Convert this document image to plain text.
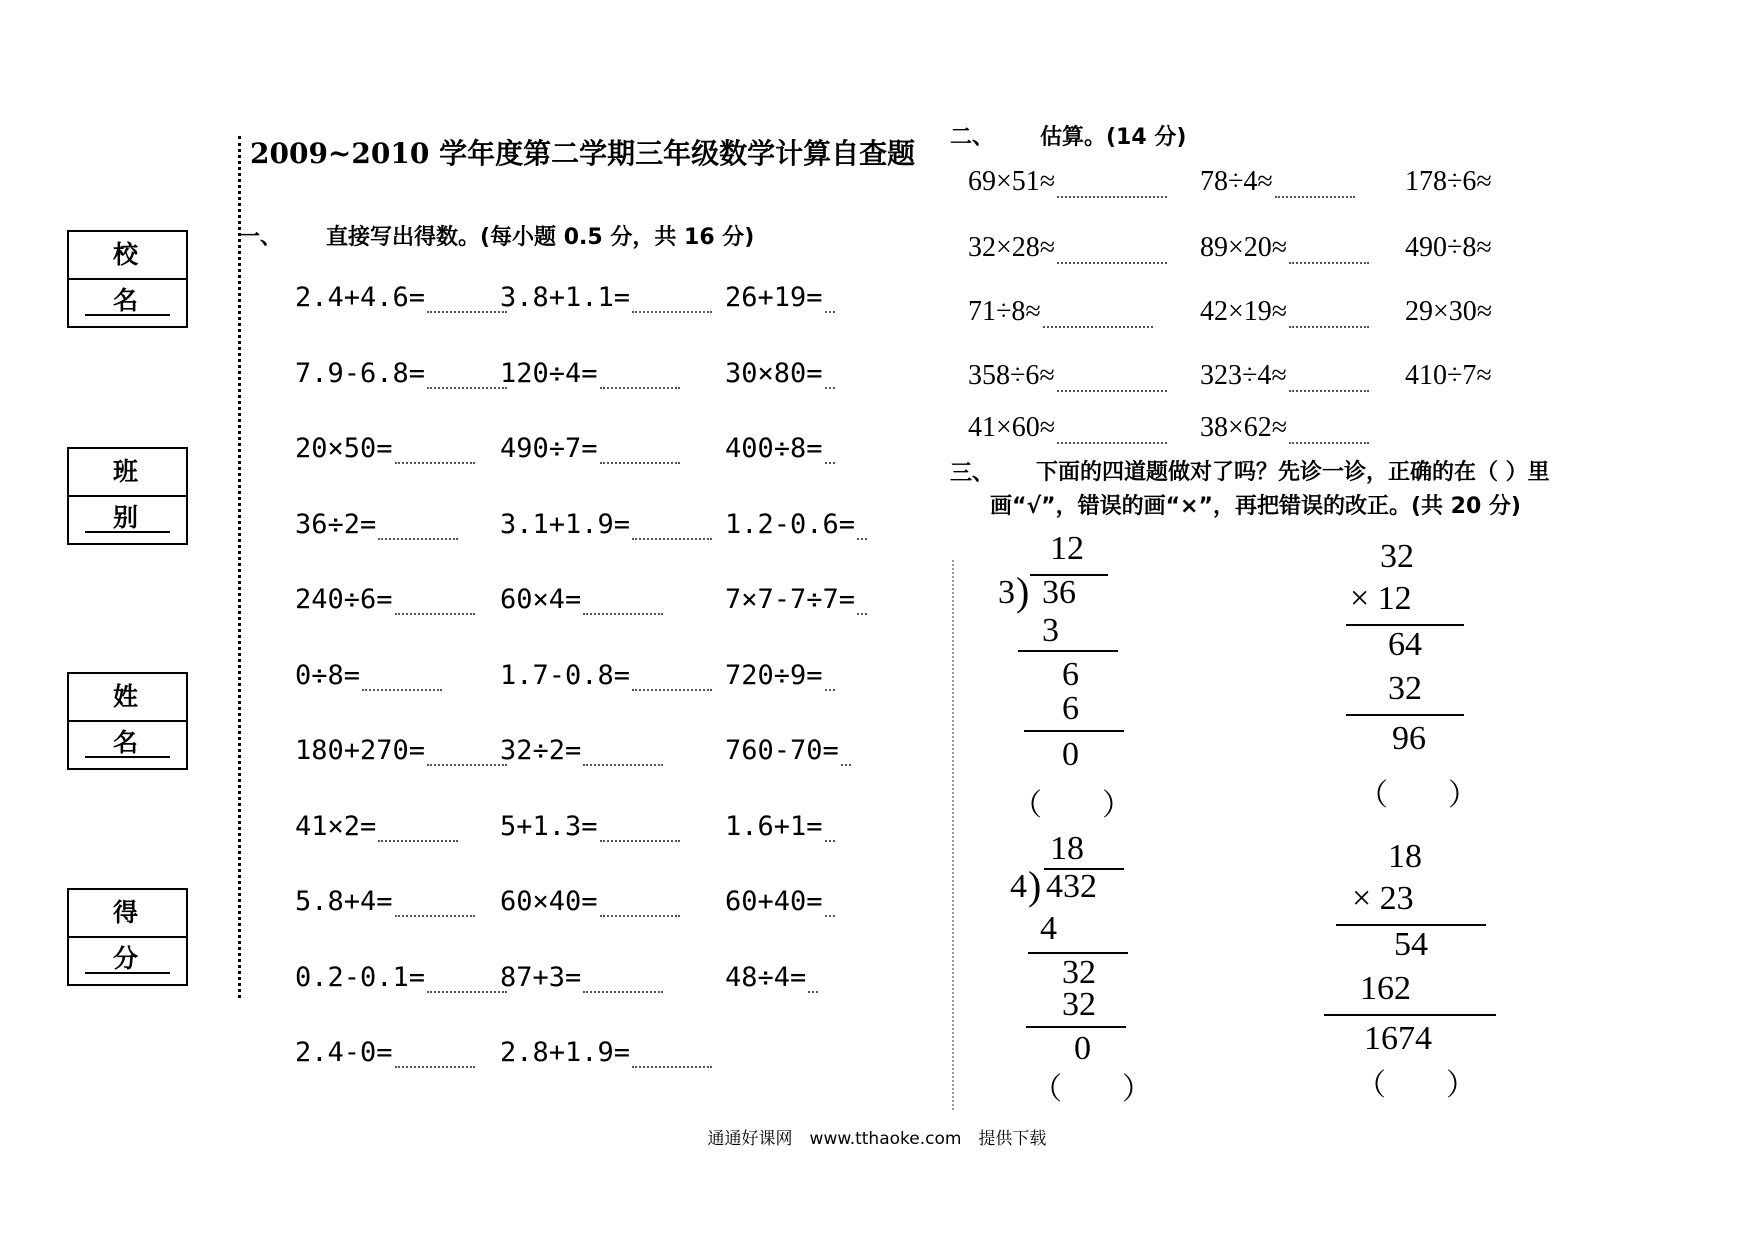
校 名
班 别
姓 名
得 分
2009~2010 学年度第二学期三年级数学计算自查题
一、 直接写出得数。(每小题 0.5 分，共 16 分)
2.4+4.6=	3.8+1.1=	26+19=
7.9-6.8=	120÷4=	30×80=
20×50=	490÷7=	400÷8=
36÷2=	3.1+1.9=	1.2-0.6=
240÷6=	60×4=	7×7-7÷7=
0÷8=	1.7-0.8=	720÷9=
180+270=	32÷2=	760-70=
41×2=	5+1.3=	1.6+1=
5.8+4=	60×40=	60+40=
0.2-0.1=	87+3=	48÷4=
2.4-0=	2.8+1.9=
二、 估算。(14 分)
69×51≈	78÷4≈	178÷6≈
32×28≈	89×20≈	490÷8≈
71÷8≈	42×19≈	29×30≈
358÷6≈	323÷4≈	410÷7≈
41×60≈	38×62≈
三、	下面的四道题做对了吗？先诊一诊，正确的在（ ）里画“√”，错误的画“×”，再把错误的改正。(共 20 分)
12
3 ) 36
3
6
6
0
（　　）
32
× 12
64
32
96
（　　）
18
4 ) 432
4
32
32
0
（　　）
18
× 23
54
162
1674
（　　）
通通好课网　www.tthaoke.com　提供下载
